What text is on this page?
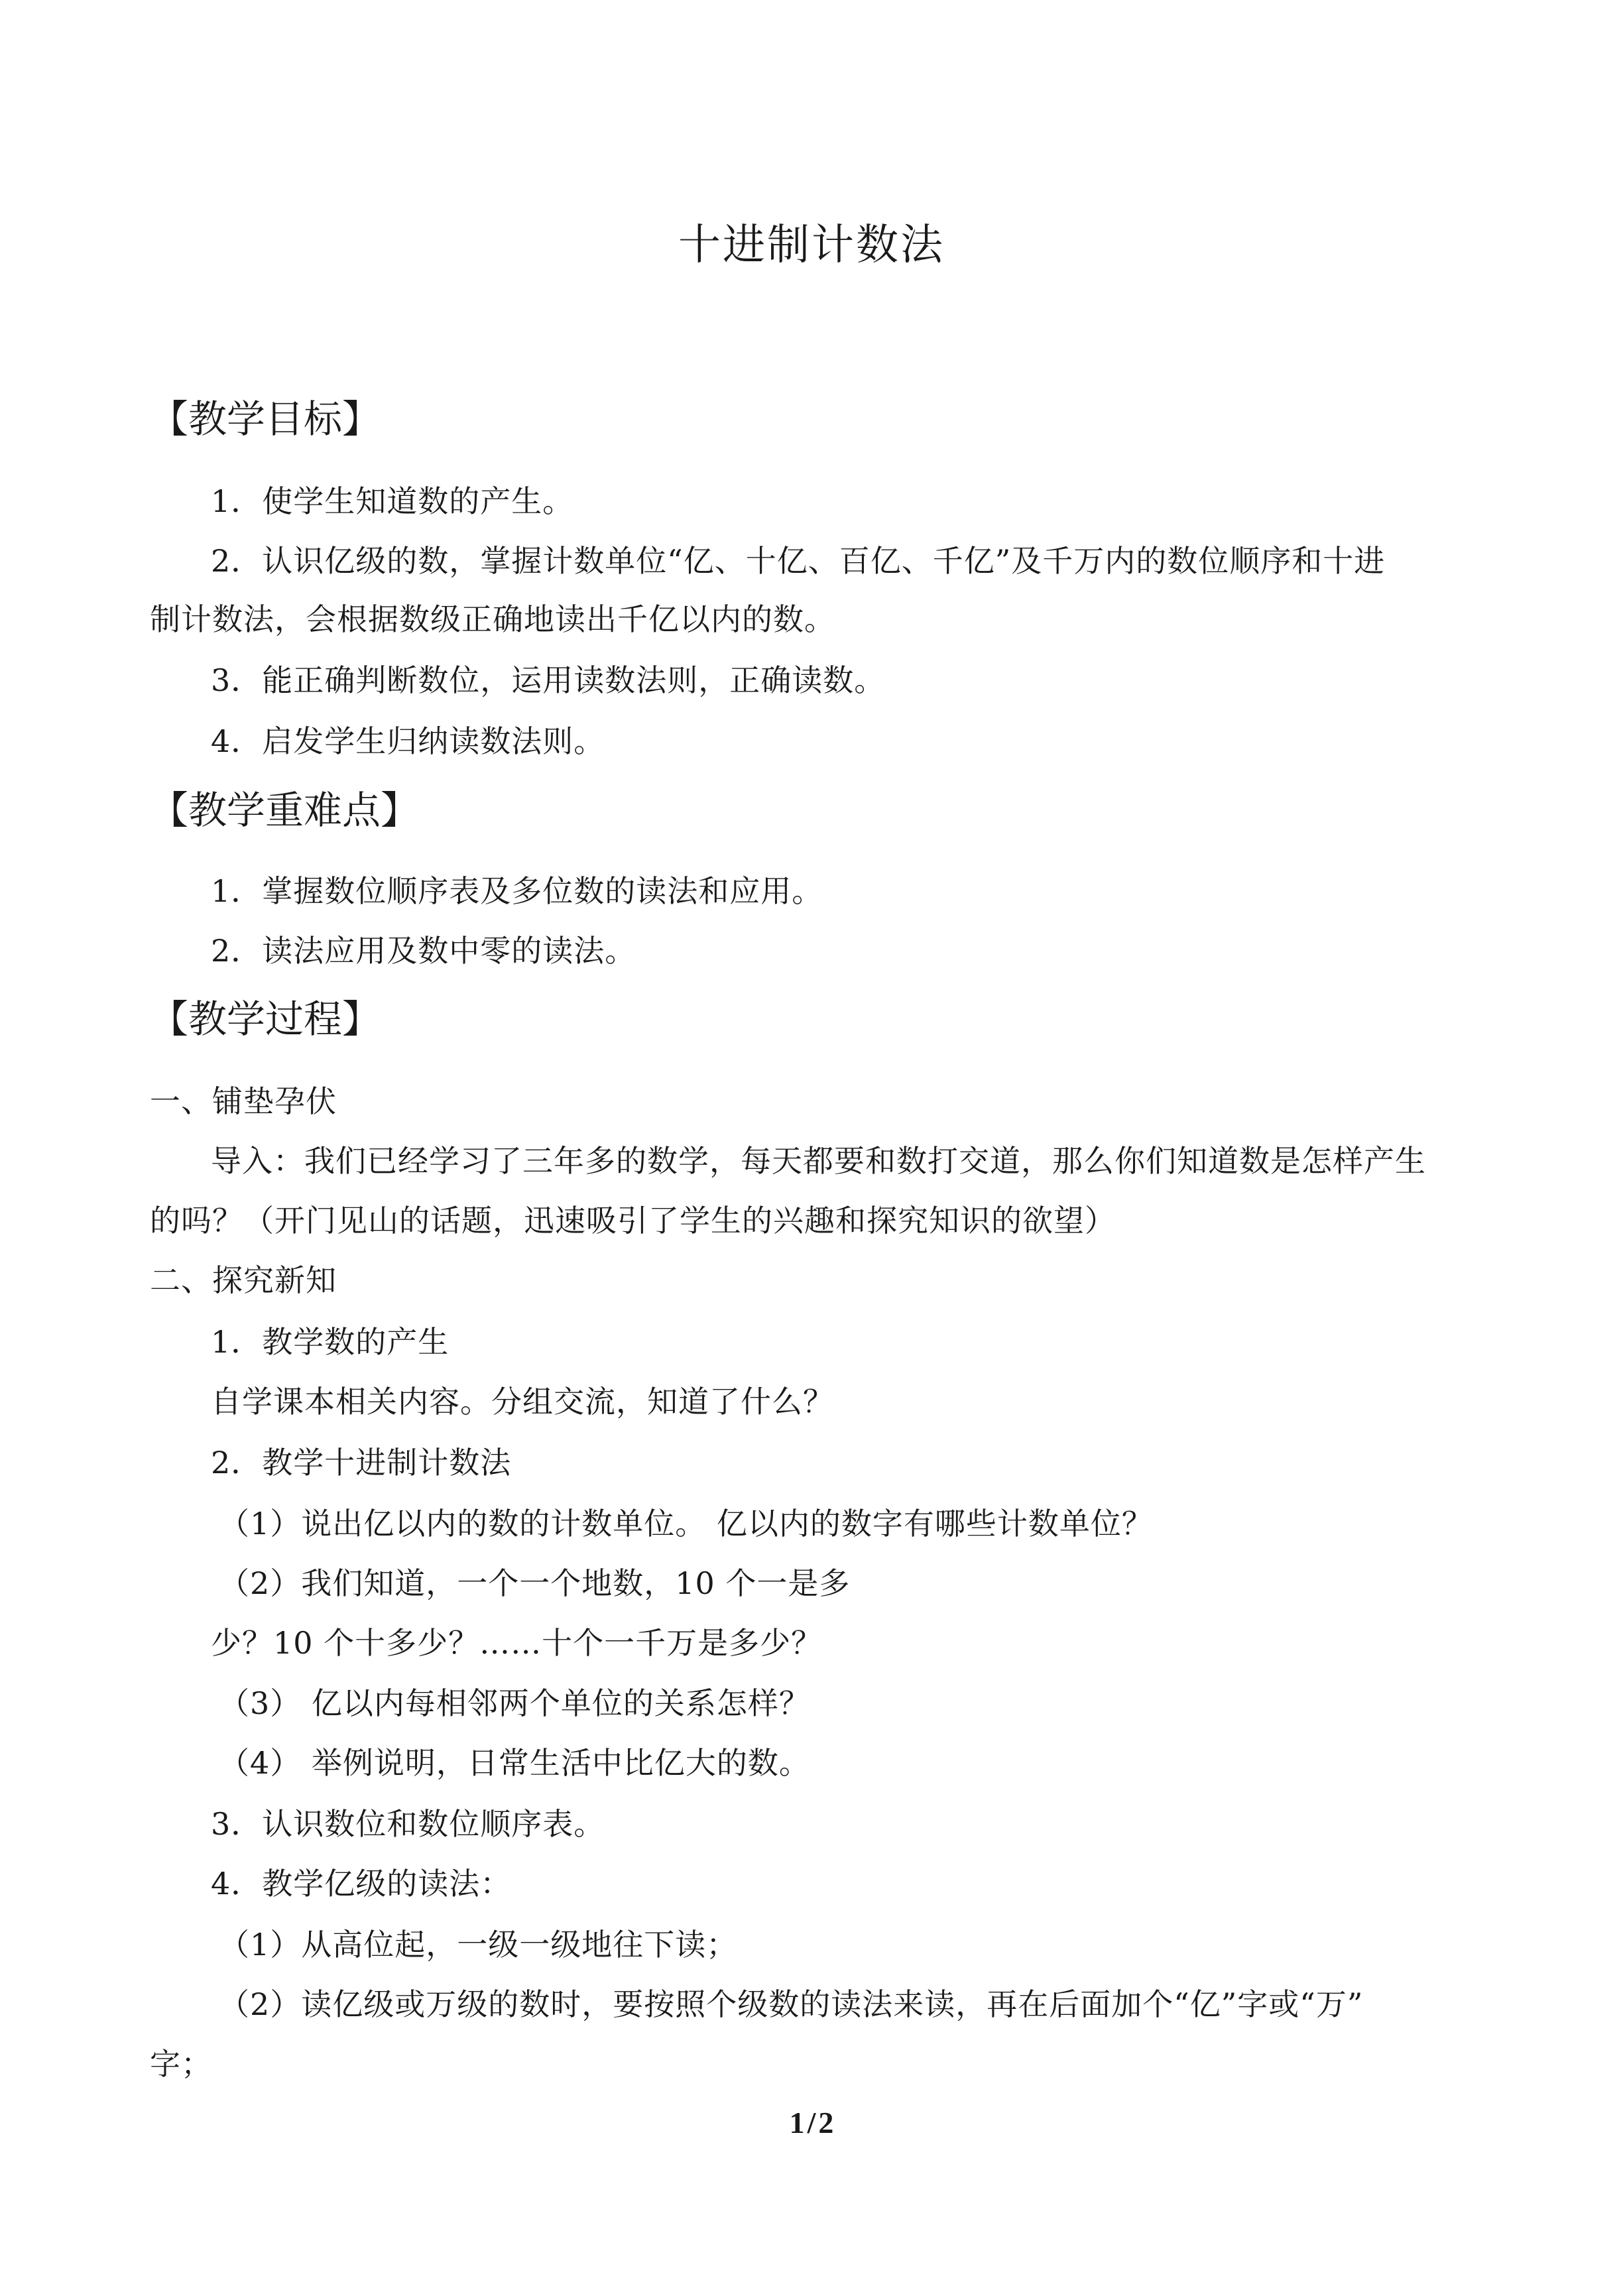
十进制计数法
【教学目标】
1．使学生知道数的产生。
2．认识亿级的数，掌握计数单位“亿、十亿、百亿、千亿”及千万内的数位顺序和十进
制计数法，会根据数级正确地读出千亿以内的数。
3．能正确判断数位，运用读数法则，正确读数。
4．启发学生归纳读数法则。
【教学重难点】
1．掌握数位顺序表及多位数的读法和应用。
2．读法应用及数中零的读法。
【教学过程】
一、铺垫孕伏
导入：我们已经学习了三年多的数学，每天都要和数打交道，那么你们知道数是怎样产生
的吗？（开门见山的话题，迅速吸引了学生的兴趣和探究知识的欲望）
二、探究新知
1．教学数的产生
自学课本相关内容。分组交流，知道了什么？
2．教学十进制计数法
（1）说出亿以内的数的计数单位。 亿以内的数字有哪些计数单位？
（2）我们知道，一个一个地数，10 个一是多
少？10 个十多少？……十个一千万是多少？
（3） 亿以内每相邻两个单位的关系怎样？
（4） 举例说明，日常生活中比亿大的数。
3．认识数位和数位顺序表。
4．教学亿级的读法：
（1）从高位起，一级一级地往下读；
（2）读亿级或万级的数时，要按照个级数的读法来读，再在后面加个“亿”字或“万”
字；
1/2
